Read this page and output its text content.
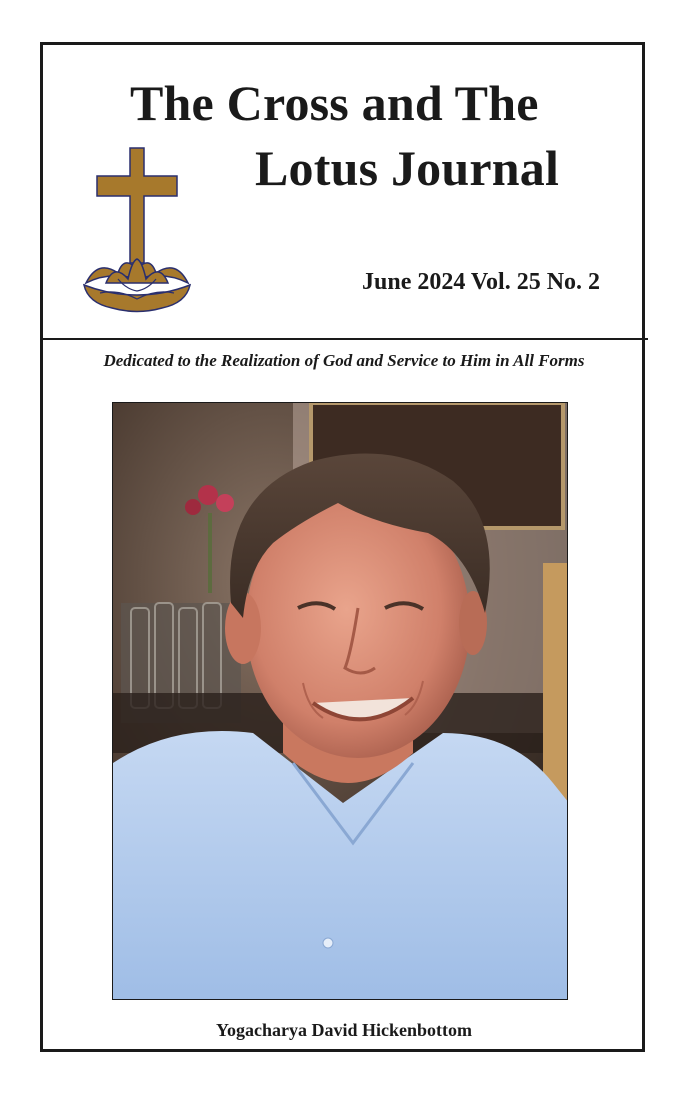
The Cross and The
Lotus Journal
June 2024 Vol. 25 No. 2
Dedicated to the Realization of God and Service to Him in All Forms
Yogacharya David Hickenbottom
